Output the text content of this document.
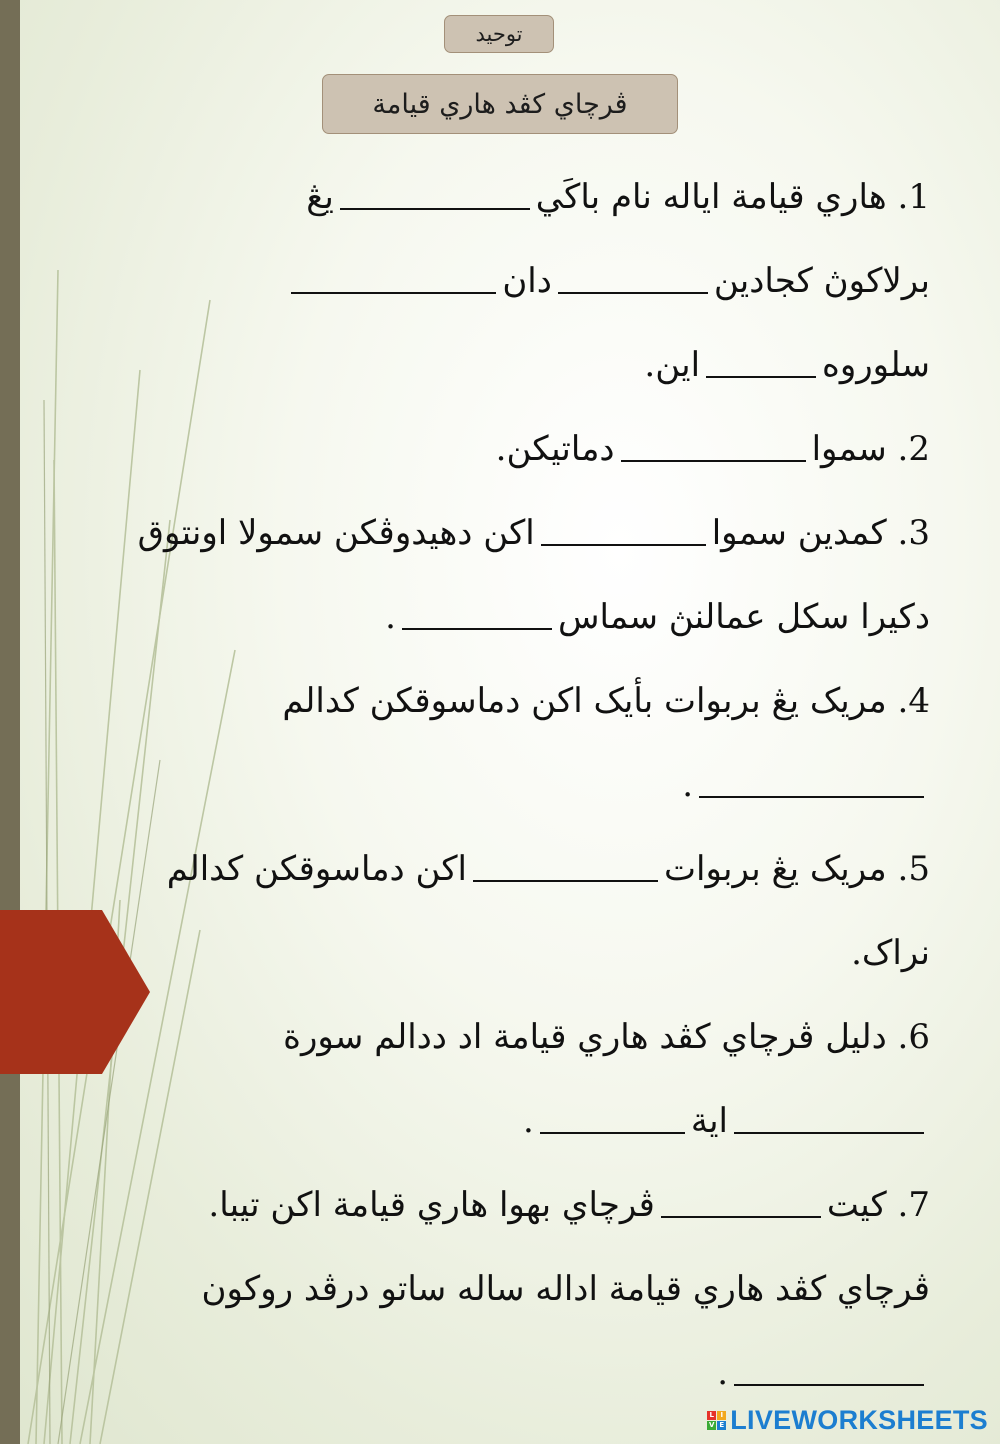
توحيد
ڤرچاي كڤد هاري قيامة
1. هاري قيامة اياله نام باكَييڠ
برلاكوڽ كجاديندان
سلوروهاين.
2. سموادماتيكن.
3. كمدين سموااكن دهيدوڤكن سمولا اونتوق
دكيرا سكل عمالنڽ سماس.
4. مريک يڠ بربوات بأيک اكن دماسوقكن كدالم
.
5. مريک يڠ بربواتاكن دماسوقكن كدالم
نراک.
6. دليل ڤرچاي كڤد هاري قيامة اد ددالم سورة
اية.
7. كيتڤرچاي بهوا هاري قيامة اكن تيبا.
ڤرچاي كڤد هاري قيامة اداله ساله ساتو درڤد روكون
.
L I
V E LIVEWORKSHEETS
